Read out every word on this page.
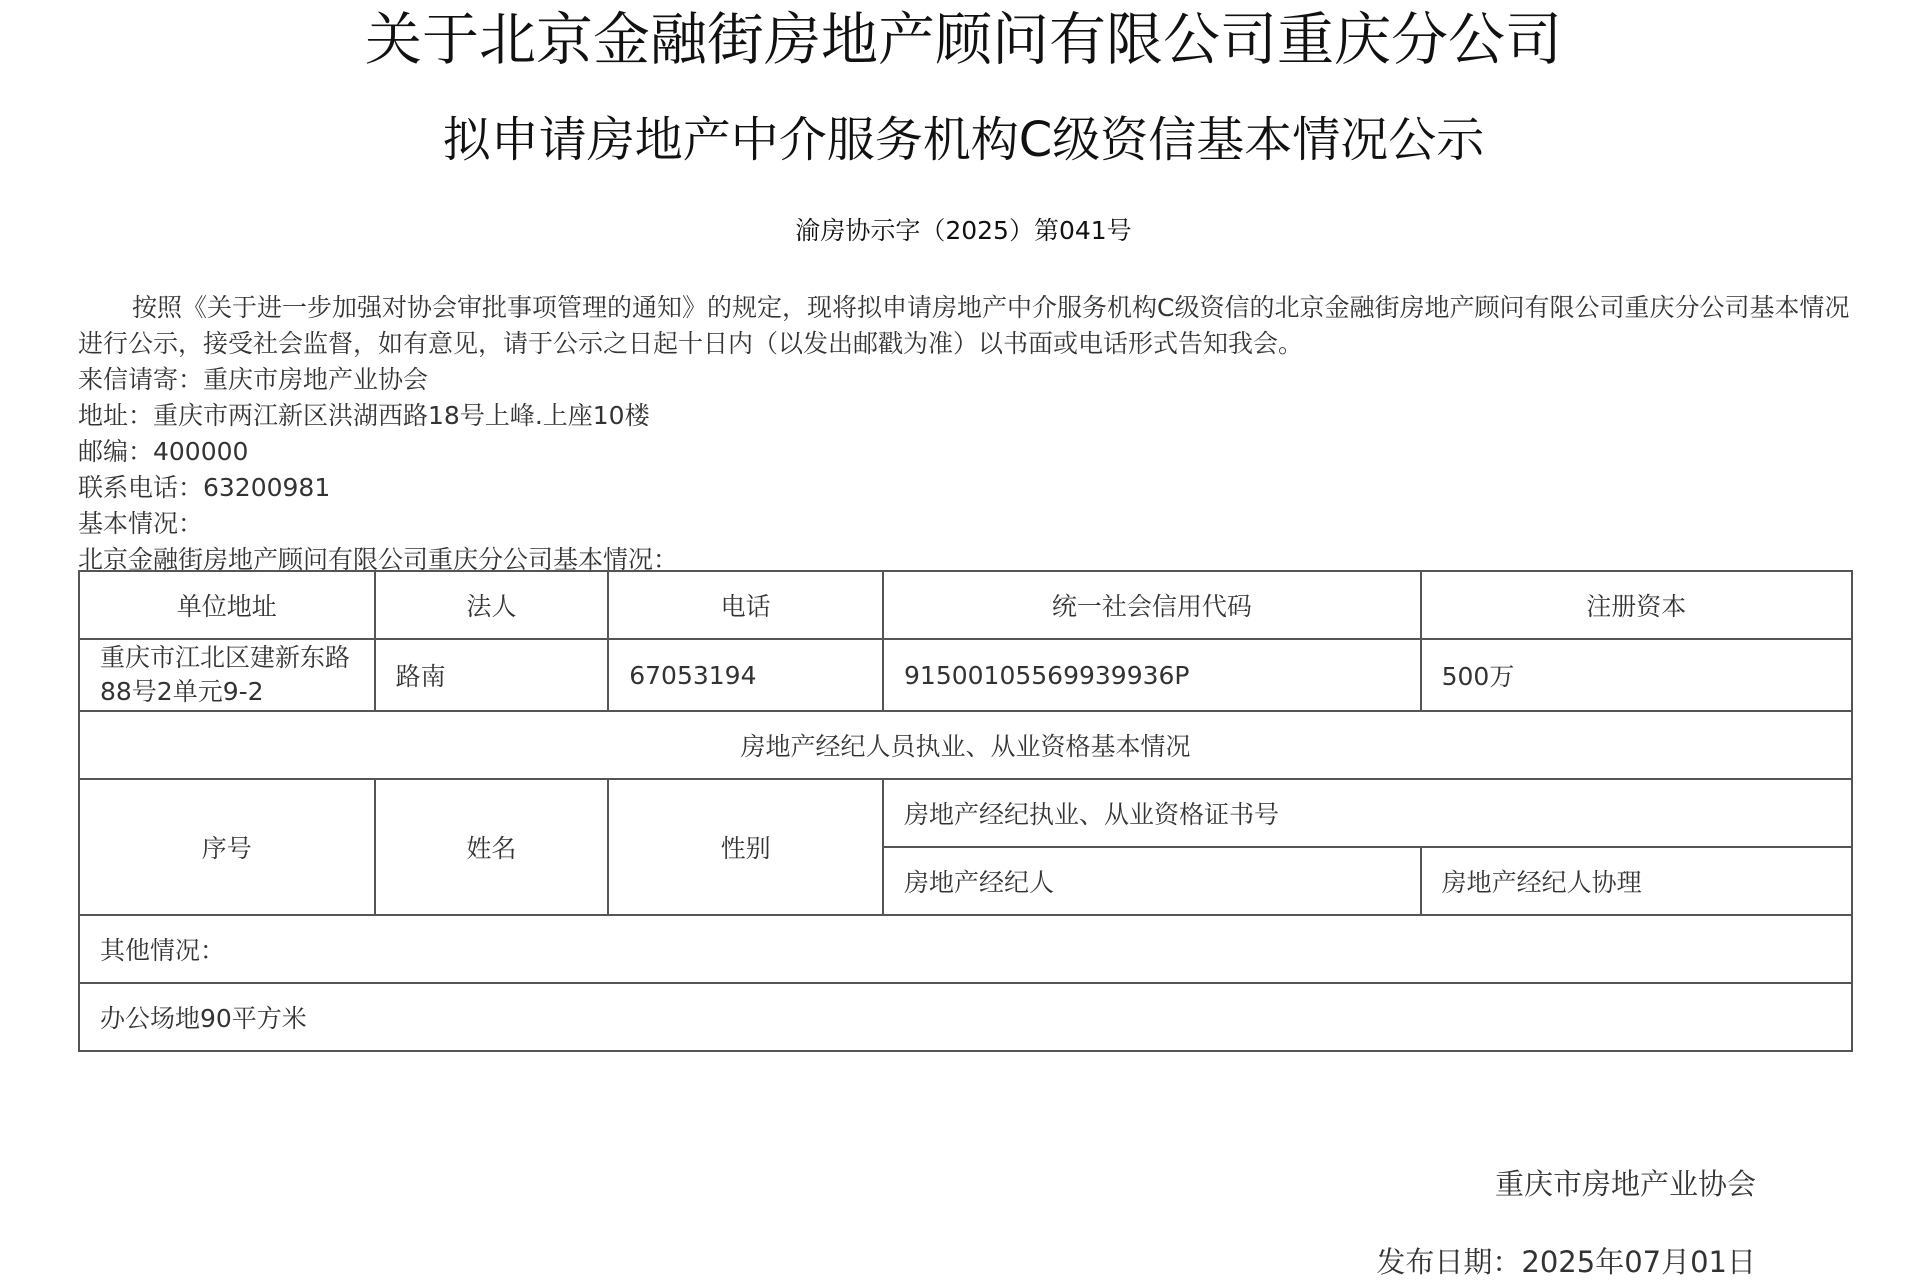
关于北京金融街房地产顾问有限公司重庆分公司
拟申请房地产中介服务机构C级资信基本情况公示
渝房协示字（2025）第041号

按照《关于进一步加强对协会审批事项管理的通知》的规定，现将拟申请房地产中介服务机构C级资信的北京金融街房地产顾问有限公司重庆分公司基本情况进行公示，接受社会监督，如有意见，请于公示之日起十日内（以发出邮戳为准）以书面或电话形式告知我会。

来信请寄：重庆市房地产业协会

地址：重庆市两江新区洪湖西路18号上峰.上座10楼

邮编：400000

联系电话：63200981

基本情况：

北京金融街房地产顾问有限公司重庆分公司基本情况：

单位地址	法人	电话	统一社会信用代码	注册资本
重庆市江北区建新东路88号2单元9-2	路南	67053194	91500105569939936P	500万
房地产经纪人员执业、从业资格基本情况				
序号	姓名	性别	房地产经纪执业、从业资格证书号	
			房地产经纪人	房地产经纪人协理
其他情况：				
办公场地90平方米				
重庆市房地产业协会
发布日期：2025年07月01日
